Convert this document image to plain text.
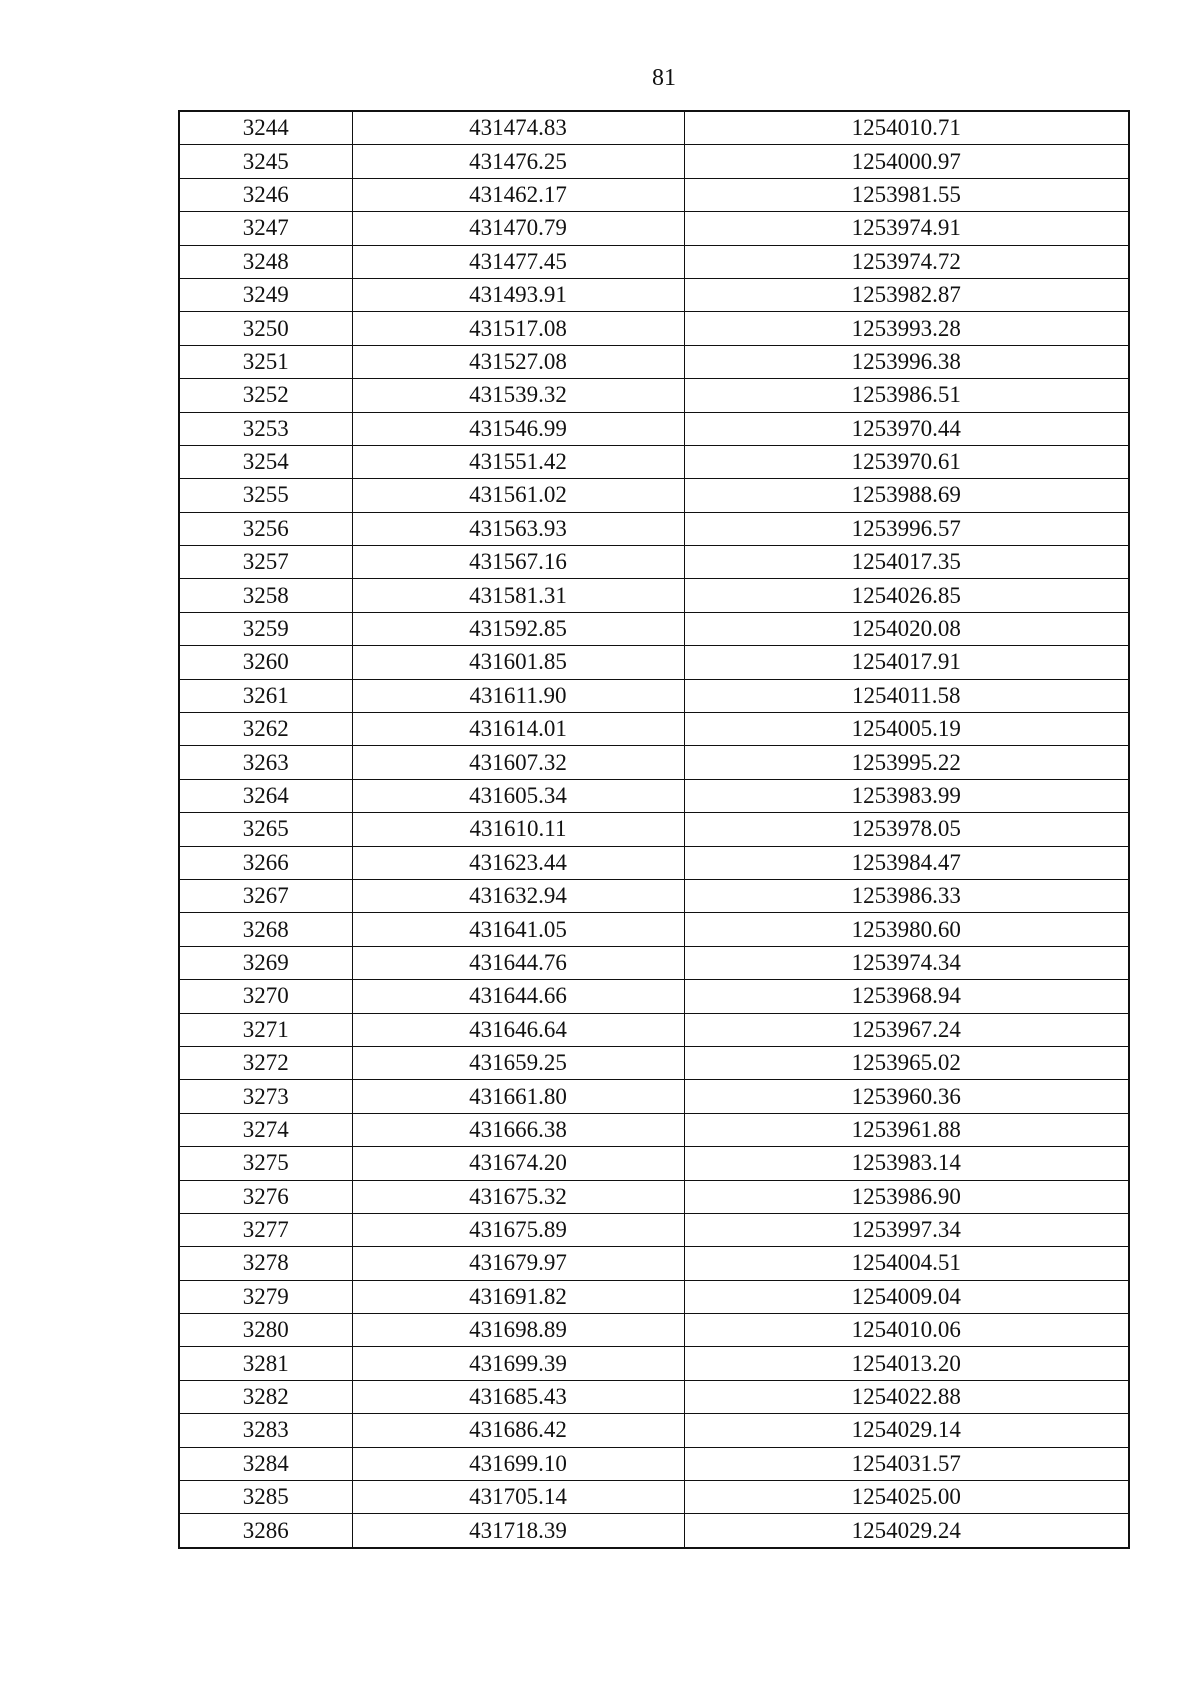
81
3244	431474.83	1254010.71
3245	431476.25	1254000.97
3246	431462.17	1253981.55
3247	431470.79	1253974.91
3248	431477.45	1253974.72
3249	431493.91	1253982.87
3250	431517.08	1253993.28
3251	431527.08	1253996.38
3252	431539.32	1253986.51
3253	431546.99	1253970.44
3254	431551.42	1253970.61
3255	431561.02	1253988.69
3256	431563.93	1253996.57
3257	431567.16	1254017.35
3258	431581.31	1254026.85
3259	431592.85	1254020.08
3260	431601.85	1254017.91
3261	431611.90	1254011.58
3262	431614.01	1254005.19
3263	431607.32	1253995.22
3264	431605.34	1253983.99
3265	431610.11	1253978.05
3266	431623.44	1253984.47
3267	431632.94	1253986.33
3268	431641.05	1253980.60
3269	431644.76	1253974.34
3270	431644.66	1253968.94
3271	431646.64	1253967.24
3272	431659.25	1253965.02
3273	431661.80	1253960.36
3274	431666.38	1253961.88
3275	431674.20	1253983.14
3276	431675.32	1253986.90
3277	431675.89	1253997.34
3278	431679.97	1254004.51
3279	431691.82	1254009.04
3280	431698.89	1254010.06
3281	431699.39	1254013.20
3282	431685.43	1254022.88
3283	431686.42	1254029.14
3284	431699.10	1254031.57
3285	431705.14	1254025.00
3286	431718.39	1254029.24
